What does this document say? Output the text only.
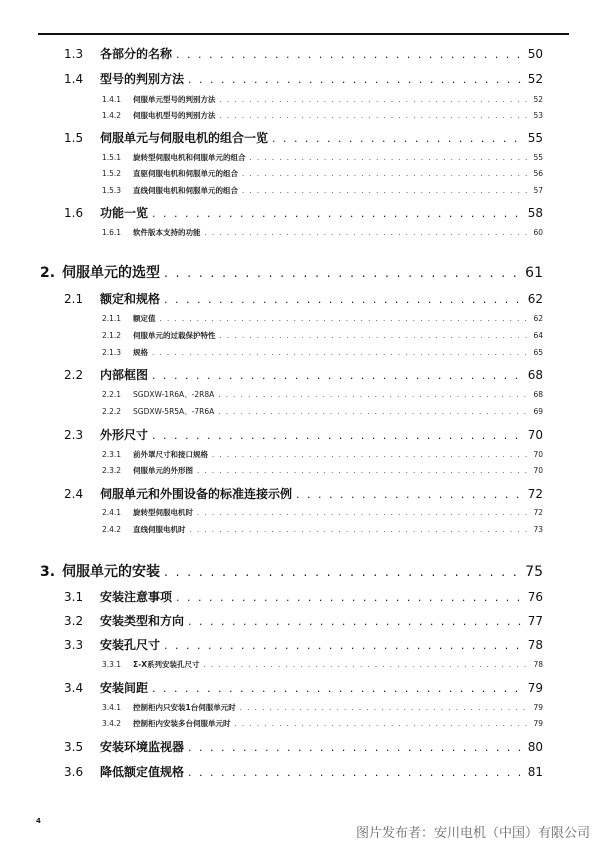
1.3	各部分的名称 . . .	50
1.4	型号的判别方法 . . .	52
1.4.1	伺服单元型号的判别方法 . . .	52
1.4.2	伺服电机型号的判别方法 . . .	53
1.5	伺服单元与伺服电机的组合一览 . . .	55
1.5.1	旋转型伺服电机和伺服单元的组合 . . .	55
1.5.2	直驱伺服电机和伺服单元的组合 . . .	56
1.5.3	直线伺服电机和伺服单元的组合 . . .	57
1.6	功能一览 . . .	58
1.6.1	软件版本支持的功能 . . .	60
2. 伺服单元的选型 . . .	61
2.1	额定和规格 . . .	62
2.1.1	额定值 . . .	62
2.1.2	伺服单元的过载保护特性 . . .	64
2.1.3	规格 . . .	65
2.2	内部框图 . . .	68
2.2.1	SGDXW-1R6A、-2R8A . . .	68
2.2.2	SGDXW-5R5A、-7R6A . . .	69
2.3	外形尺寸 . . .	70
2.3.1	前外罩尺寸和接口规格 . . .	70
2.3.2	伺服单元的外形图 . . .	70
2.4	伺服单元和外围设备的标准连接示例 . . .	72
2.4.1	旋转型伺服电机时 . . .	72
2.4.2	直线伺服电机时 . . .	73
3. 伺服单元的安装 . . .	75
3.1	安装注意事项 . . .	76
3.2	安装类型和方向 . . .	77
3.3	安装孔尺寸 . . .	78
3.3.1	Σ-X系列安装孔尺寸 . . .	78
3.4	安装间距 . . .	79
3.4.1	控制柜内只安装1台伺服单元时 . . .	79
3.4.2	控制柜内安装多台伺服单元时 . . .	79
3.5	安装环境监视器 . . .	80
3.6	降低额定值规格 . . .	81
4
图片发布者：安川电机（中国）有限公司
